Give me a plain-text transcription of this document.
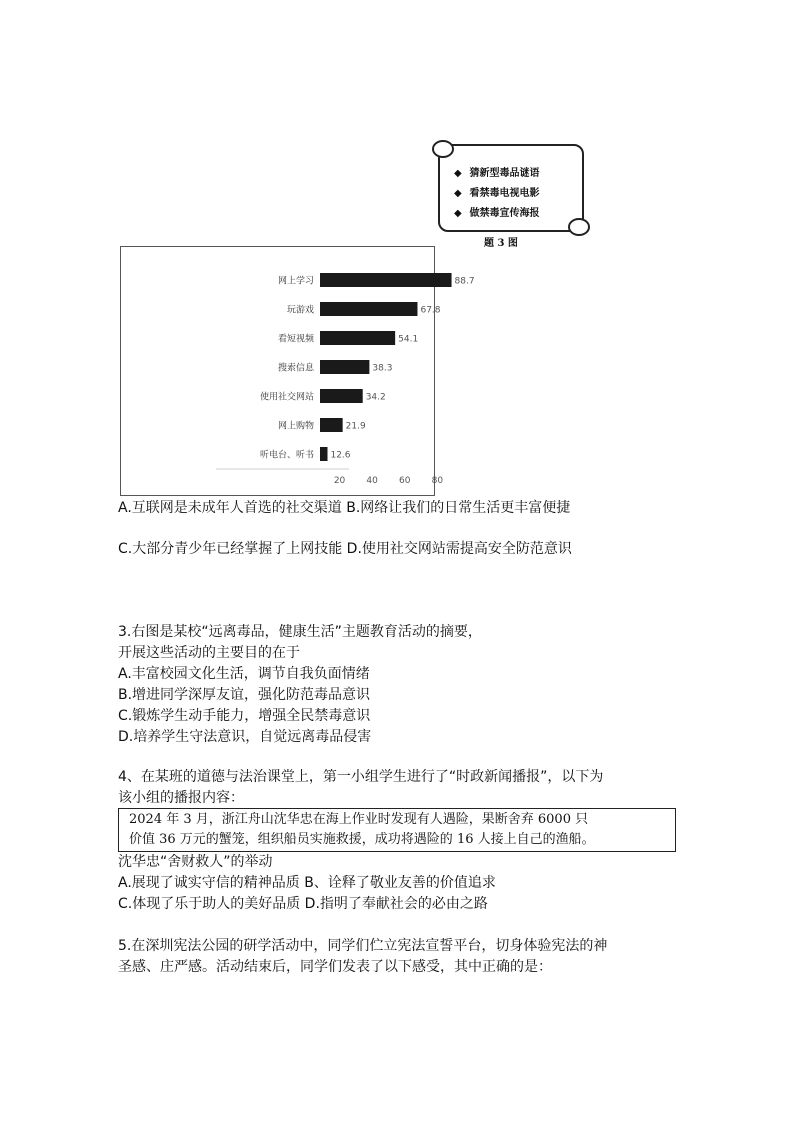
◆ 猜新型毒品谜语
◆ 看禁毒电视电影
◆ 做禁毒宣传海报
题 3 图
网上学习	88.7
玩游戏	67.8
看短视频	54.1
搜索信息	38.3
使用社交网站	34.2
网上购物	21.9
听电台、听书 12.6
20 40 60 80
A.互联网是未成年人首选的社交渠道 B.网络让我们的日常生活更丰富便捷
C.大部分青少年已经掌握了上网技能 D.使用社交网站需提高安全防范意识
3.右图是某校“远离毒品，健康生活”主题教育活动的摘要，
开展这些活动的主要目的在于
A.丰富校园文化生活，调节自我负面情绪
B.增进同学深厚友谊，强化防范毒品意识
C.锻炼学生动手能力，增强全民禁毒意识
D.培养学生守法意识，自觉远离毒品侵害
4、在某班的道德与法治课堂上，第一小组学生进行了“时政新闻播报”，以下为
该小组的播报内容：
2024 年 3 月，浙江舟山沈华忠在海上作业时发现有人遇险，果断舍弃 6000 只
价值 36 万元的蟹笼，组织船员实施救援，成功将遇险的 16 人接上自己的渔船。
沈华忠“舍财救人”的举动
A.展现了诚实守信的精神品质 B、诠释了敬业友善的价值追求
C.体现了乐于助人的美好品质 D.指明了奉献社会的必由之路
5.在深圳宪法公园的研学活动中，同学们伫立宪法宣誓平台，切身体验宪法的神
圣感、庄严感。活动结束后，同学们发表了以下感受，其中正确的是：
